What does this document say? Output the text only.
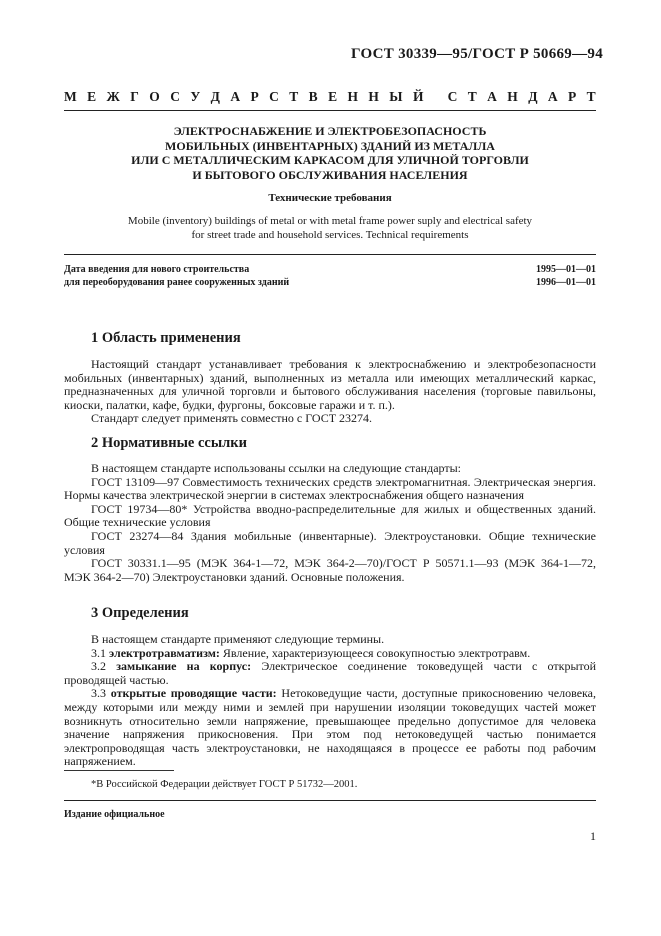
ГОСТ 30339—95/ГОСТ Р 50669—94
М Е Ж Г О С У Д А Р С Т В Е Н Н Ы Й
С Т А Н Д А Р Т
ЭЛЕКТРОСНАБЖЕНИЕ И ЭЛЕКТРОБЕЗОПАСНОСТЬ
МОБИЛЬНЫХ (ИНВЕНТАРНЫХ) ЗДАНИЙ ИЗ МЕТАЛЛА
ИЛИ С МЕТАЛЛИЧЕСКИМ КАРКАСОМ ДЛЯ УЛИЧНОЙ ТОРГОВЛИ
И БЫТОВОГО ОБСЛУЖИВАНИЯ НАСЕЛЕНИЯ
Технические требования
Mobile (inventory) buildings of metal or with metal frame power suply and electrical safety
for street trade and household services. Technical requirements
Дата введения для нового строительства	1995—01—01
для переоборудования ранее сооруженных зданий	1996—01—01
1 Область применения

Настоящий стандарт устанавливает требования к электроснабжению и электробезопасности мобильных (инвентарных) зданий, выполненных из металла или имеющих металлический каркас, предназначенных для уличной торговли и бытового обслуживания населения (торговые павильоны, киоски, палатки, кафе, будки, фургоны, боксовые гаражи и т. п.).

Стандарт следует применять совместно с ГОСТ 23274.

2 Нормативные ссылки

В настоящем стандарте использованы ссылки на следующие стандарты:

ГОСТ 13109—97 Совместимость технических средств электромагнитная. Электрическая энергия. Нормы качества электрической энергии в системах электроснабжения общего назначения

ГОСТ 19734—80* Устройства вводно-распределительные для жилых и общественных зданий. Общие технические условия

ГОСТ 23274—84 Здания мобильные (инвентарные). Электроустановки. Общие технические условия

ГОСТ 30331.1—95 (МЭК 364-1—72, МЭК 364-2—70)/ГОСТ Р 50571.1—93 (МЭК 364-1—72, МЭК 364-2—70) Электроустановки зданий. Основные положения.

3 Определения

В настоящем стандарте применяют следующие термины.

3.1 электротравматизм: Явление, характеризующееся совокупностью электротравм.

3.2 замыкание на корпус: Электрическое соединение токоведущей части с открытой проводящей частью.

3.3 открытые проводящие части: Нетоковедущие части, доступные прикосновению человека, между которыми или между ними и землей при нарушении изоляции токоведущих частей может возникнуть относительно земли напряжение, превышающее предельно допустимое для человека значение напряжения прикосновения. При этом под нетоковедущей частью понимается электропроводящая часть электроустановки, не находящаяся в процессе ее работы под рабочим напряжением.

*В Российской Федерации действует ГОСТ Р 51732—2001.
Издание официальное
1
